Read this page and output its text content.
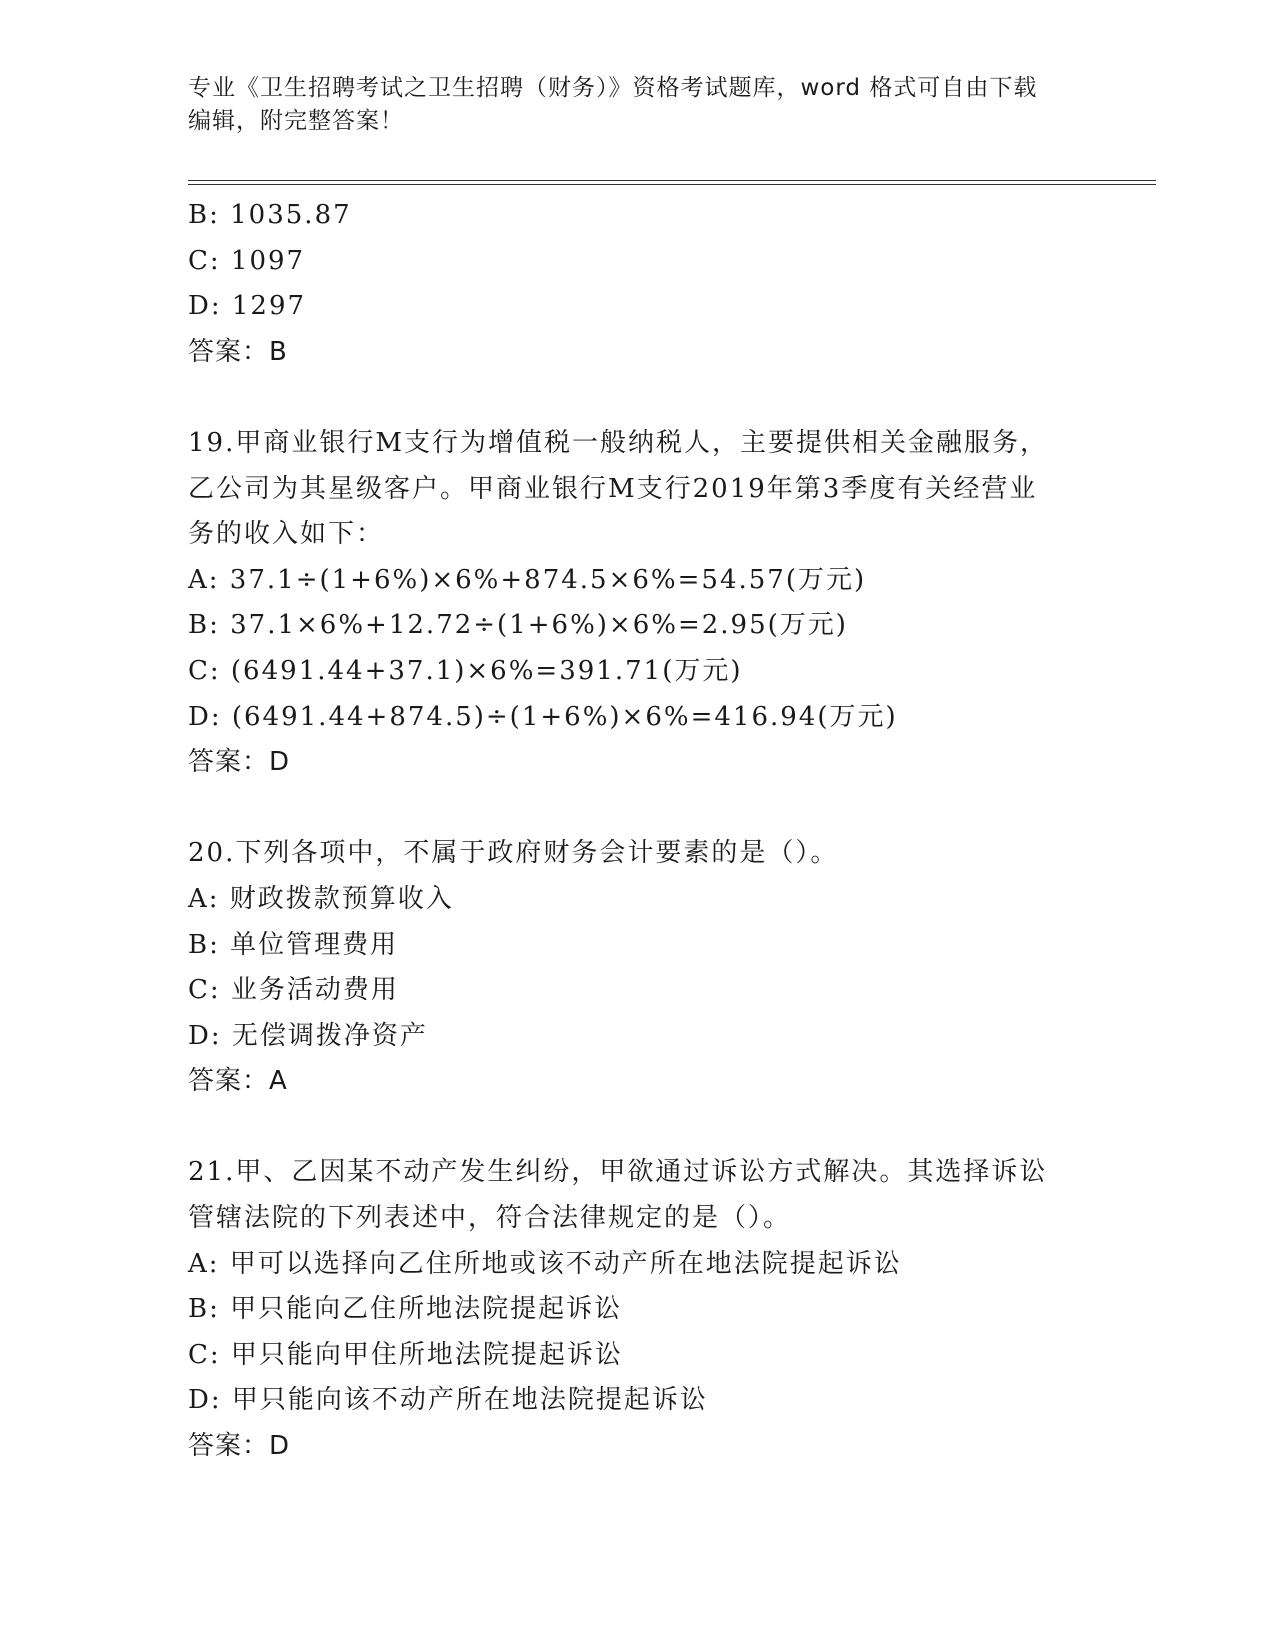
专业《卫生招聘考试之卫生招聘（财务）》资格考试题库，word 格式可自由下载
编辑，附完整答案！
B: 1035.87
C: 1097
D: 1297
答案：B
19.甲商业银行M支行为增值税一般纳税人，主要提供相关金融服务，
乙公司为其星级客户。甲商业银行M支行2019年第3季度有关经营业
务的收入如下：
A: 37.1÷(1+6%)×6%+874.5×6%=54.57(万元)
B: 37.1×6%+12.72÷(1+6%)×6%=2.95(万元)
C: (6491.44+37.1)×6%=391.71(万元)
D: (6491.44+874.5)÷(1+6%)×6%=416.94(万元)
答案：D
20.下列各项中，不属于政府财务会计要素的是（）。
A: 财政拨款预算收入
B: 单位管理费用
C: 业务活动费用
D: 无偿调拨净资产
答案：A
21.甲、乙因某不动产发生纠纷，甲欲通过诉讼方式解决。其选择诉讼
管辖法院的下列表述中，符合法律规定的是（）。
A: 甲可以选择向乙住所地或该不动产所在地法院提起诉讼
B: 甲只能向乙住所地法院提起诉讼
C: 甲只能向甲住所地法院提起诉讼
D: 甲只能向该不动产所在地法院提起诉讼
答案：D
